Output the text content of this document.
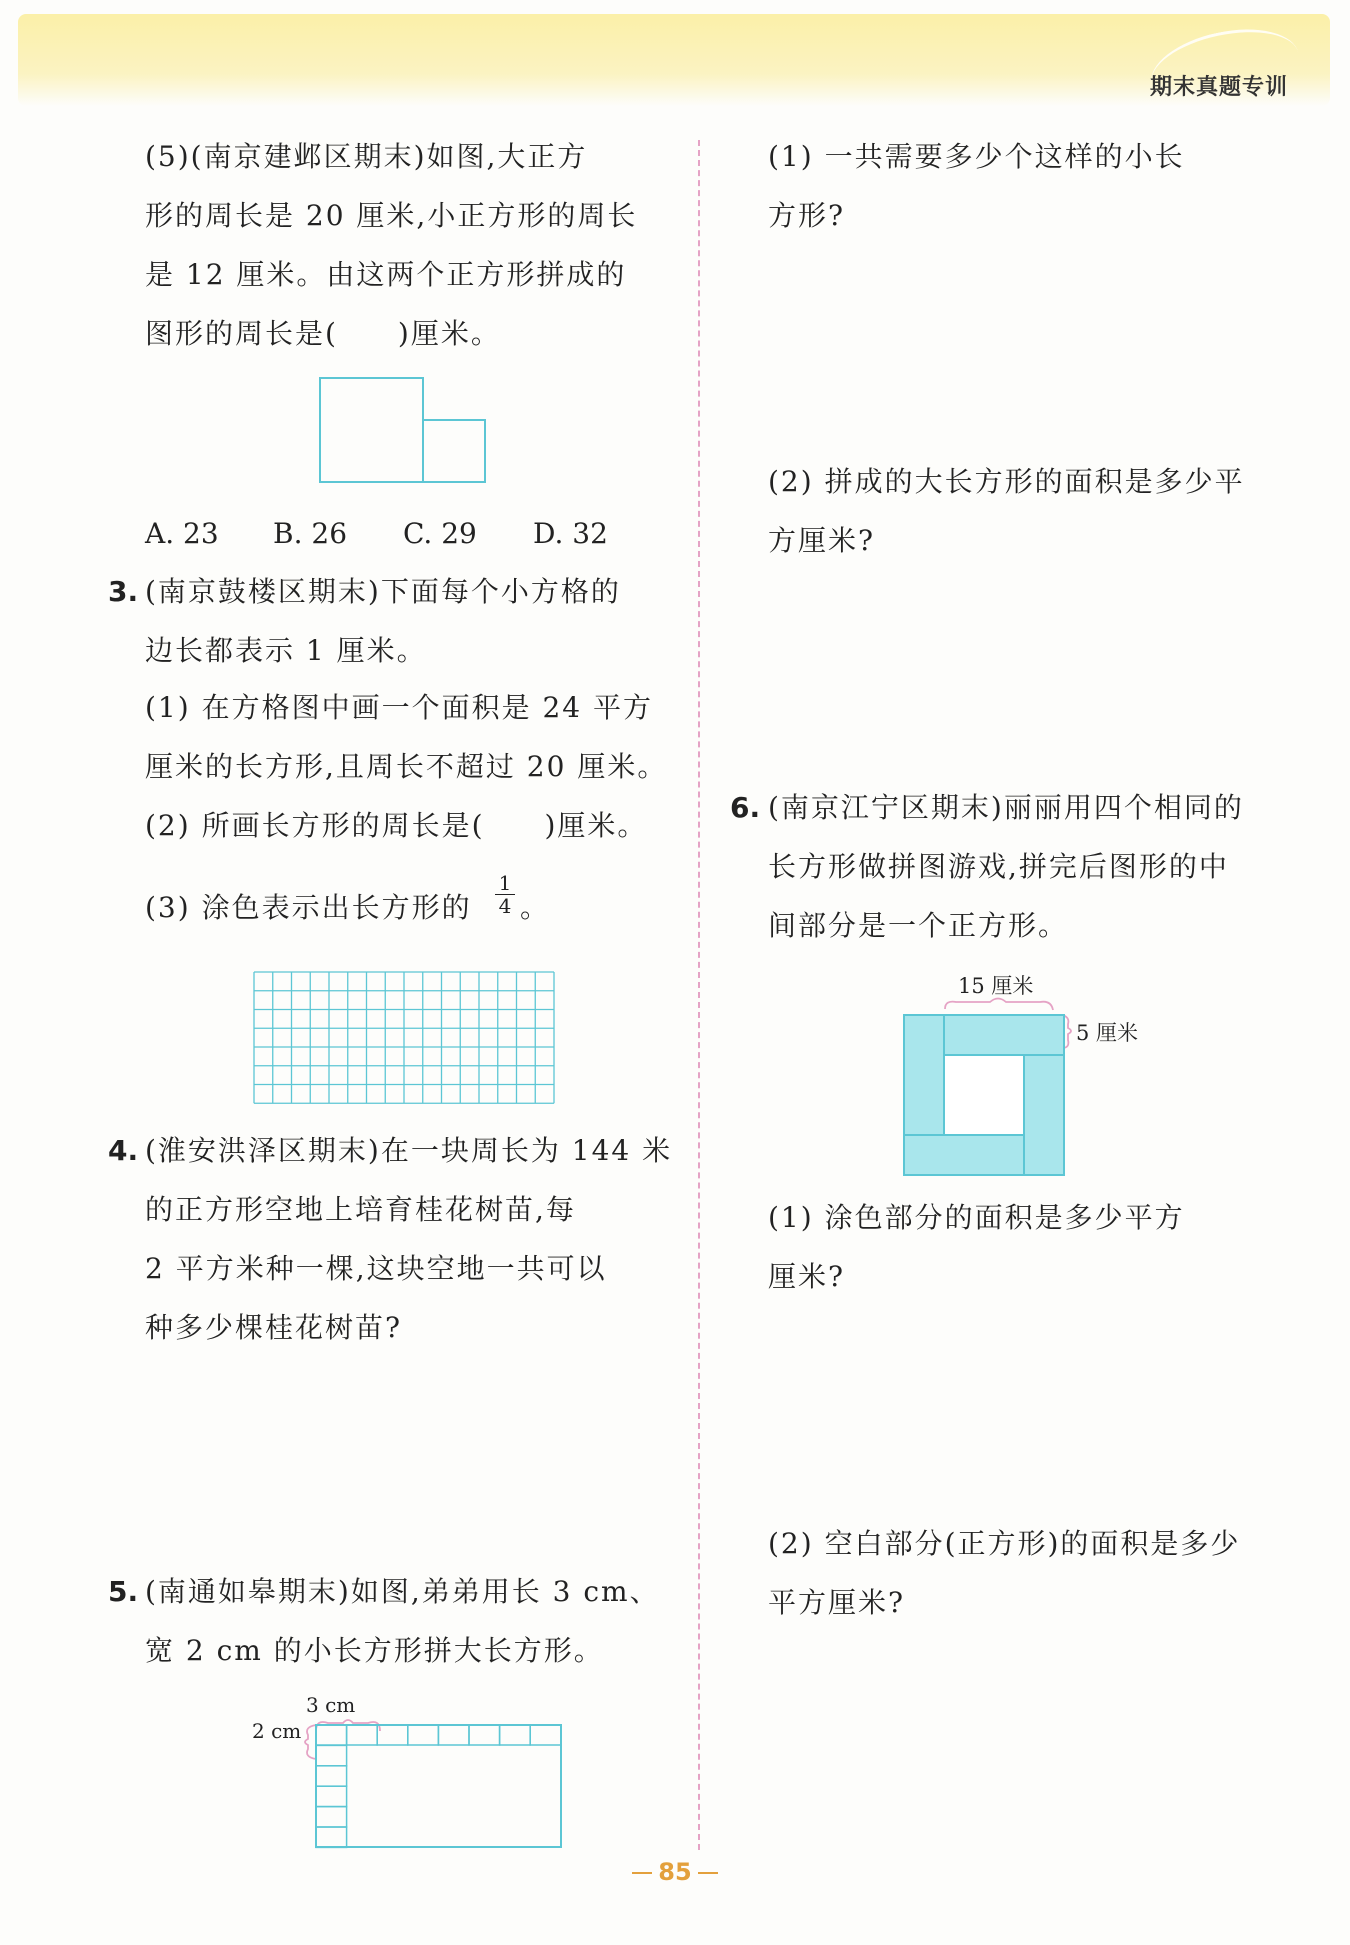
期末真题专训
(5)(南京建邺区期末)如图,大正方
形的周长是 20 厘米,小正方形的周长
是 12 厘米。由这两个正方形拼成的
图形的周长是(　　)厘米。
A. 23 B. 26 C. 29 D. 32
3. (南京鼓楼区期末)下面每个小方格的
边长都表示 1 厘米。
(1) 在方格图中画一个面积是 24 平方
厘米的长方形,且周长不超过 20 厘米。
(2) 所画长方形的周长是(　　)厘米。
(3) 涂色表示出长方形的
1
4 。
4. (淮安洪泽区期末)在一块周长为 144 米
的正方形空地上培育桂花树苗,每
2 平方米种一棵,这块空地一共可以
种多少棵桂花树苗?
5. (南通如皋期末)如图,弟弟用长 3 cm、
宽 2 cm 的小长方形拼大长方形。
3 cm
2 cm
(1) 一共需要多少个这样的小长
方形?
(2) 拼成的大长方形的面积是多少平
方厘米?
6. (南京江宁区期末)丽丽用四个相同的
长方形做拼图游戏,拼完后图形的中
间部分是一个正方形。
15 厘米
5 厘米
(1) 涂色部分的面积是多少平方
厘米?
(2) 空白部分(正方形)的面积是多少
平方厘米?
85
